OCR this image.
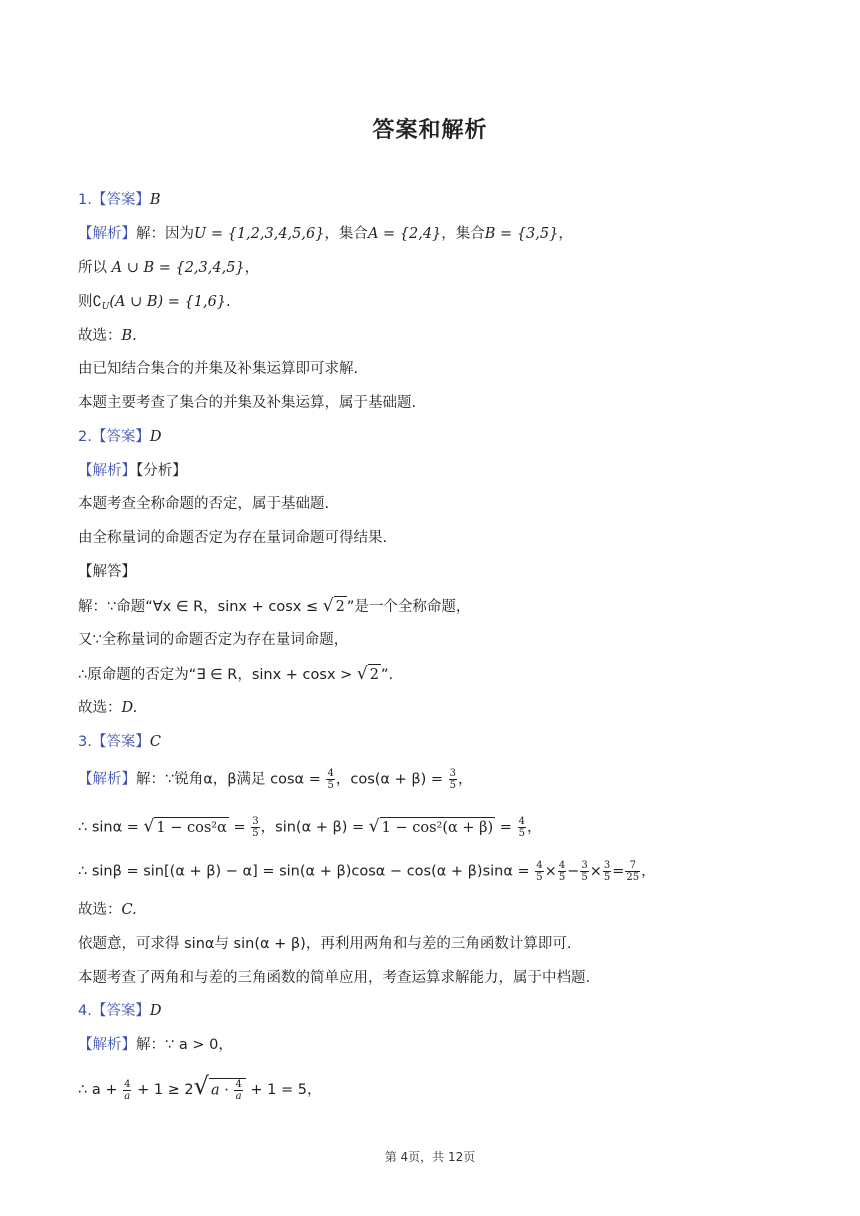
答案和解析
1.【答案】B
【解析】解：因为U = {1,2,3,4,5,6}，集合A = {2,4}，集合B = {3,5}，
所以 A ∪ B = {2,3,4,5}，
则$∁_U(A$ ∪ B) = {1,6}.
故选：B.
由已知结合集合的并集及补集运算即可求解.
本题主要考查了集合的并集及补集运算，属于基础题.
2.【答案】D
【解析】【分析】
本题考查全称命题的否定，属于基础题.
由全称量词的命题否定为存在量词命题可得结果.
【解答】
解：∵命题“∀x ∈ R，sinx + cosx ≤ √ 2 ”是一个全称命题，
又∵全称量词的命题否定为存在量词命题，
∴原命题的否定为“∃ ∈ R，sinx + cosx > √ 2 ”.
故选：D.
3.【答案】C
【解析】解：∵锐角α，β满足 $\cos\alpha = \frac{4}{5}$ ，$\cos(\alpha + \beta) = \frac{3}{5}$ ，
∴ sinα = √ $1 - \cos^2\alpha = \frac{3}{5}$ ，sin(α + β) = √ $1 - \cos^2(\alpha + \beta) = \frac{4}{5}$ ，
∴ $\sin\beta = \sin[(\alpha + \beta) - \alpha] = \sin(\alpha + \beta)\cos\alpha - \cos(\alpha + \beta)\sin\alpha = \frac{4}{5} \times \frac{4}{5} - \frac{3}{5} \times \frac{3}{5} = \frac{7}{25}$ ，
故选：C.
依题意，可求得 sinα与 sin(α + β)，再利用两角和与差的三角函数计算即可.
本题考查了两角和与差的三角函数的简单应用，考查运算求解能力，属于中档题.
4.【答案】D
【解析】解：∵ a > 0，
∴ $a + \frac{4}{a} + 1 \ge 2√$ $a \cdot \frac{4}{a} + 1 = 5$，
第 4页，共 12页
